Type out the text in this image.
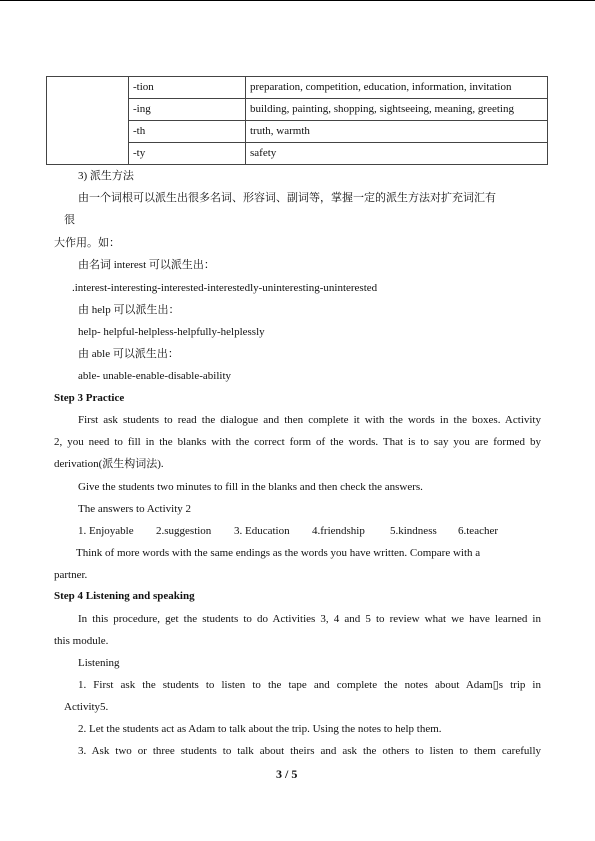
	-tion	preparation, competition, education, information, invitation
	-ing	building, painting, shopping, sightseeing, meaning, greeting
	-th	truth, warmth
	-ty	safety
3) 派生方法
由一个词根可以派生出很多名词、形容词、副词等，掌握一定的派生方法对扩充词汇有
很
大作用。如：
由名词 interest 可以派生出：
.interest-interesting-interested-interestedly-uninteresting-uninterested
由 help 可以派生出：
help- helpful-helpless-helpfully-helplessly
由 able 可以派生出：
able- unable-enable-disable-ability
Step 3 Practice
First ask students to read the dialogue and then complete it with the words in the boxes. Activity
2, you need to fill in the blanks with the correct form of the words. That is to say you are formed by
derivation(派生构词法).
Give the students two minutes to fill in the blanks and then check the answers.
The answers to Activity 2
1. Enjoyable 2.suggestion 3. Education 4.friendship 5.kindness 6.teacher
Think of more words with the same endings as the words you have written. Compare with a
partner.
Step 4 Listening and speaking
In this procedure, get the students to do Activities 3, 4 and 5 to review what we have learned in
this module.
Listening
1. First ask the students to listen to the tape and complete the notes about Adam▯s trip in
Activity5.
2. Let the students act as Adam to talk about the trip. Using the notes to help them.
3. Ask two or three students to talk about theirs and ask the others to listen to them carefully
3 / 5
